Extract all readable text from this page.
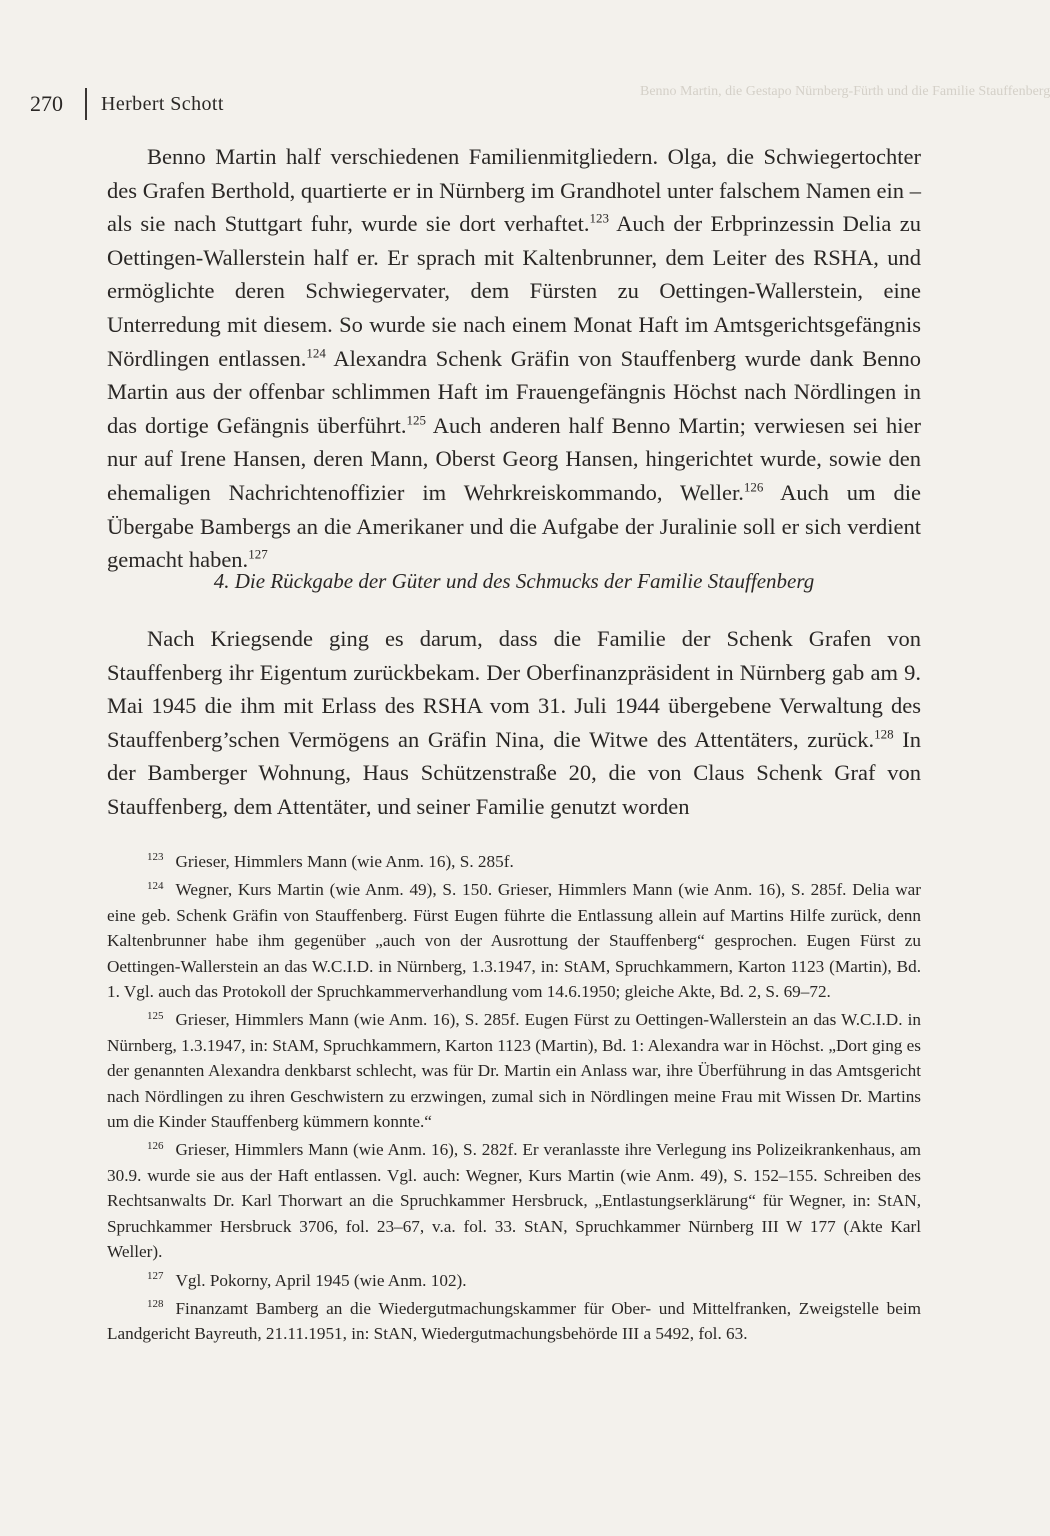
Benno Martin, die Gestapo Nürnberg-Fürth und die Familie Stauffenberg
270 Herbert Schott

Benno Martin half verschiedenen Familienmitgliedern. Olga, die Schwiegertochter des Grafen Berthold, quartierte er in Nürnberg im Grandhotel unter falschem Namen ein – als sie nach Stuttgart fuhr, wurde sie dort verhaftet.$^{123}$ Auch der Erbprinzessin Delia zu Oettingen-Wallerstein half er. Er sprach mit Kaltenbrunner, dem Leiter des RSHA, und ermöglichte deren Schwiegervater, dem Fürsten zu Oettingen-Wallerstein, eine Unterredung mit diesem. So wurde sie nach einem Monat Haft im Amtsgerichtsgefängnis Nördlingen entlassen.$^{124}$ Alexandra Schenk Gräfin von Stauffenberg wurde dank Benno Martin aus der offenbar schlimmen Haft im Frauengefängnis Höchst nach Nördlingen in das dortige Gefängnis überführt.$^{125}$ Auch anderen half Benno Martin; verwiesen sei hier nur auf Irene Hansen, deren Mann, Oberst Georg Hansen, hingerichtet wurde, sowie den ehemaligen Nachrichtenoffizier im Wehrkreiskommando, Weller.$^{126}$ Auch um die Übergabe Bambergs an die Amerikaner und die Aufgabe der Juralinie soll er sich verdient gemacht haben.$^{127}$

4. Die Rückgabe der Güter und des Schmucks der Familie Stauffenberg

Nach Kriegsende ging es darum, dass die Familie der Schenk Grafen von Stauffenberg ihr Eigentum zurückbekam. Der Oberfinanzpräsident in Nürnberg gab am 9. Mai 1945 die ihm mit Erlass des RSHA vom 31. Juli 1944 übergebene Verwaltung des Stauffenberg’schen Vermögens an Gräfin Nina, die Witwe des Attentäters, zurück.$^{128}$ In der Bamberger Wohnung, Haus Schützenstraße 20, die von Claus Schenk Graf von Stauffenberg, dem Attentäter, und seiner Familie genutzt worden

$^{123}$ Grieser, Himmlers Mann (wie Anm. 16), S. 285f.

$^{124}$ Wegner, Kurs Martin (wie Anm. 49), S. 150. Grieser, Himmlers Mann (wie Anm. 16), S. 285f. Delia war eine geb. Schenk Gräfin von Stauffenberg. Fürst Eugen führte die Entlassung allein auf Martins Hilfe zurück, denn Kaltenbrunner habe ihm gegenüber „auch von der Ausrottung der Stauffenberg“ gesprochen. Eugen Fürst zu Oettingen-Wallerstein an das W.C.I.D. in Nürnberg, 1.3.1947, in: StAM, Spruchkammern, Karton 1123 (Martin), Bd. 1. Vgl. auch das Protokoll der Spruchkammerverhandlung vom 14.6.1950; gleiche Akte, Bd. 2, S. 69–72.

$^{125}$ Grieser, Himmlers Mann (wie Anm. 16), S. 285f. Eugen Fürst zu Oettingen-Wallerstein an das W.C.I.D. in Nürnberg, 1.3.1947, in: StAM, Spruchkammern, Karton 1123 (Martin), Bd. 1: Alexandra war in Höchst. „Dort ging es der genannten Alexandra denkbarst schlecht, was für Dr. Martin ein Anlass war, ihre Überführung in das Amtsgericht nach Nördlingen zu ihren Geschwistern zu erzwingen, zumal sich in Nördlingen meine Frau mit Wissen Dr. Martins um die Kinder Stauffenberg kümmern konnte.“

$^{126}$ Grieser, Himmlers Mann (wie Anm. 16), S. 282f. Er veranlasste ihre Verlegung ins Polizeikrankenhaus, am 30.9. wurde sie aus der Haft entlassen. Vgl. auch: Wegner, Kurs Martin (wie Anm. 49), S. 152–155. Schreiben des Rechtsanwalts Dr. Karl Thorwart an die Spruchkammer Hersbruck, „Entlastungserklärung“ für Wegner, in: StAN, Spruchkammer Hersbruck 3706, fol. 23–67, v.a. fol. 33. StAN, Spruchkammer Nürnberg III W 177 (Akte Karl Weller).

$^{127}$ Vgl. Pokorny, April 1945 (wie Anm. 102).

$^{128}$ Finanzamt Bamberg an die Wiedergutmachungskammer für Ober- und Mittelfranken, Zweigstelle beim Landgericht Bayreuth, 21.11.1951, in: StAN, Wiedergutmachungsbehörde III a 5492, fol. 63.
